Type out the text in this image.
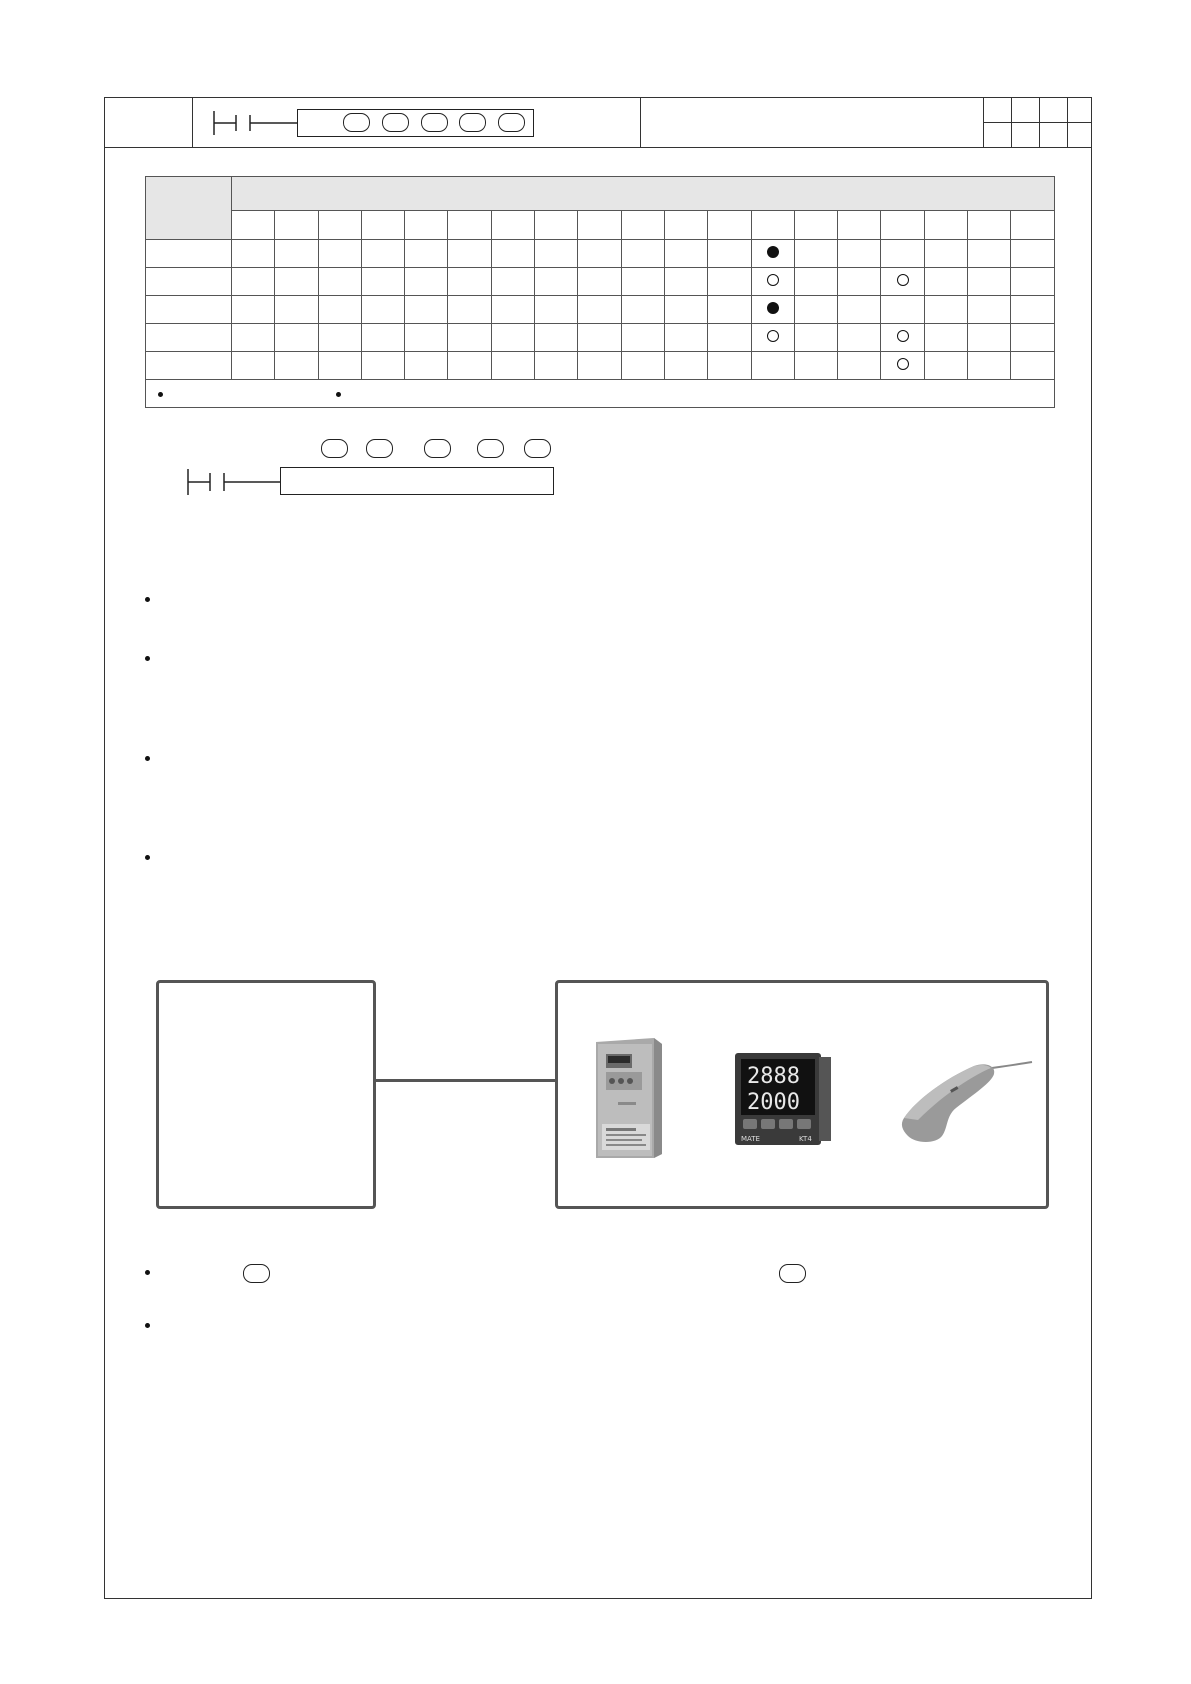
2888
2000
MATE	KT4
